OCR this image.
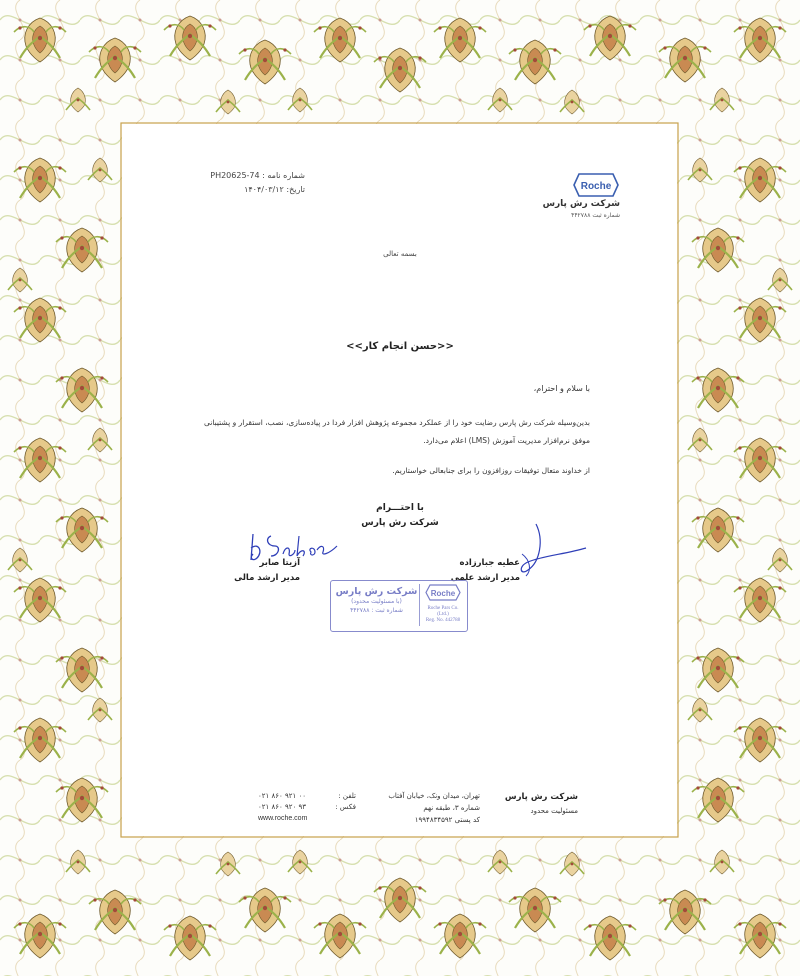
Roche
شرکت رش پارس
شماره ثبت ۴۴۲۷۸۸
شماره نامه : PH20625-74
تاریخ: ۱۴۰۴/۰۳/۱۲
بسمه تعالی
<<حسن انجام کار>>
با سلام و احترام،
بدین‌وسیله شرکت رش پارس رضایت خود را از عملکرد مجموعه پژوهش افزار فردا در پیاده‌سازی، نصب، استقرار و پشتیبانی
موفق نرم‌افزار مدیریت آموزش (LMS) اعلام می‌دارد.
از خداوند متعال توفیقات روزافزون را برای جنابعالی خواستاریم.
با احتـــرام
شرکت رش پارس
عطیه جبارزاده
مدیر ارشد علمی
آزیتا صابر
مدیر ارشد مالی
شرکت رش پارس
(با مسئولیت محدود)
شماره ثبت : ۴۴۲۷۸۸
Roche
Roche Pars Co.
(Ltd.)
Reg. No. 442788
شرکت رش پارس
مسئولیت محدود
تهران، میدان ونک، خیابان آفتاب
شماره ۳، طبقه نهم
کد پستی ۱۹۹۴۸۳۴۵۹۲
تلفن :
فکس :
۰۲۱ ۸۶۰ ۹۲۱ ۰۰
۰۲۱ ۸۶۰ ۹۲۰ ۹۳
www.roche.com
